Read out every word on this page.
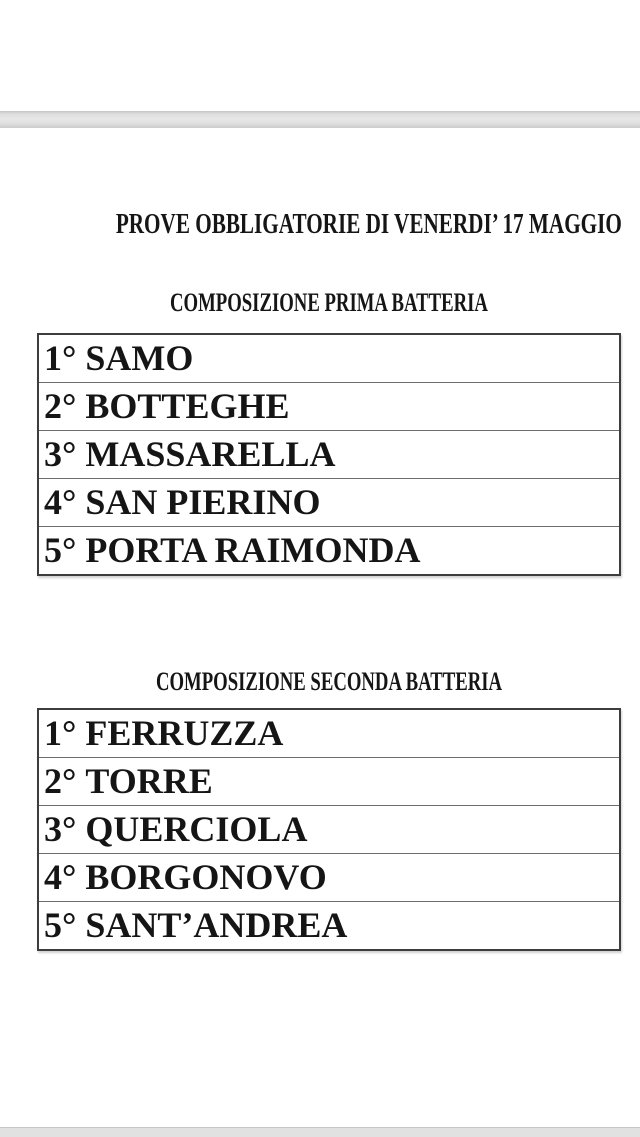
PROVE OBBLIGATORIE DI VENERDI’ 17 MAGGIO
COMPOSIZIONE PRIMA BATTERIA
1° SAMO
2° BOTTEGHE
3° MASSARELLA
4° SAN PIERINO
5° PORTA RAIMONDA
COMPOSIZIONE SECONDA BATTERIA
1° FERRUZZA
2° TORRE
3° QUERCIOLA
4° BORGONOVO
5° SANT’ANDREA
